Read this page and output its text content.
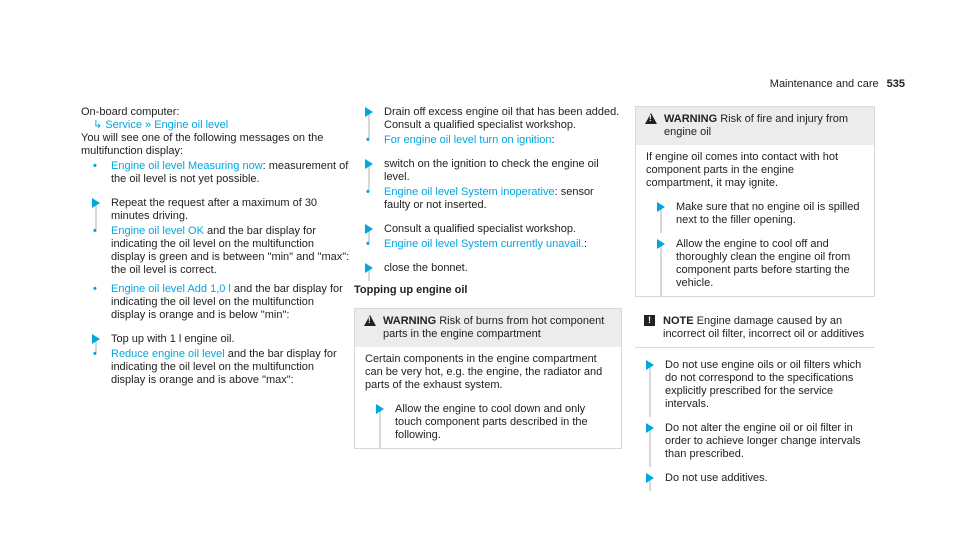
Maintenance and care 535

On-board computer:

↳ Service » Engine oil level

You will see one of the following messages on the multifunction display:

• Engine oil level Measuring now: measurement of the oil level is not yet possible.
Repeat the request after a maximum of 30 minutes driving.
• Engine oil level OK and the bar display for indicating the oil level on the multifunction display is green and is between "min" and "max": the oil level is correct.
• Engine oil level Add 1,0 l and the bar display for indicating the oil level on the multifunction display is orange and is below "min":
Top up with 1 l engine oil.
• Reduce engine oil level and the bar display for indicating the oil level on the multifunction display is orange and is above "max":
Drain off excess engine oil that has been added. Consult a qualified specialist workshop.
• For engine oil level turn on ignition:
switch on the ignition to check the engine oil level.
• Engine oil level System inoperative: sensor faulty or not inserted.
Consult a qualified specialist workshop.
• Engine oil level System currently unavail.:
close the bonnet.
Topping up engine oil
!
WARNING Risk of burns from hot component parts in the engine compartment

Certain components in the engine compartment can be very hot, e.g. the engine, the radiator and parts of the exhaust system.

Allow the engine to cool down and only touch component parts described in the following.
!
WARNING Risk of fire and injury from engine oil

If engine oil comes into contact with hot component parts in the engine compartment, it may ignite.

Make sure that no engine oil is spilled next to the filler opening.
Allow the engine to cool off and thoroughly clean the engine oil from component parts before starting the vehicle.
!	NOTE Engine damage caused by an incorrect oil filter, incorrect oil or additives
Do not use engine oils or oil filters which do not correspond to the specifications explicitly prescribed for the service intervals.
Do not alter the engine oil or oil filter in order to achieve longer change intervals than prescribed.
Do not use additives.
